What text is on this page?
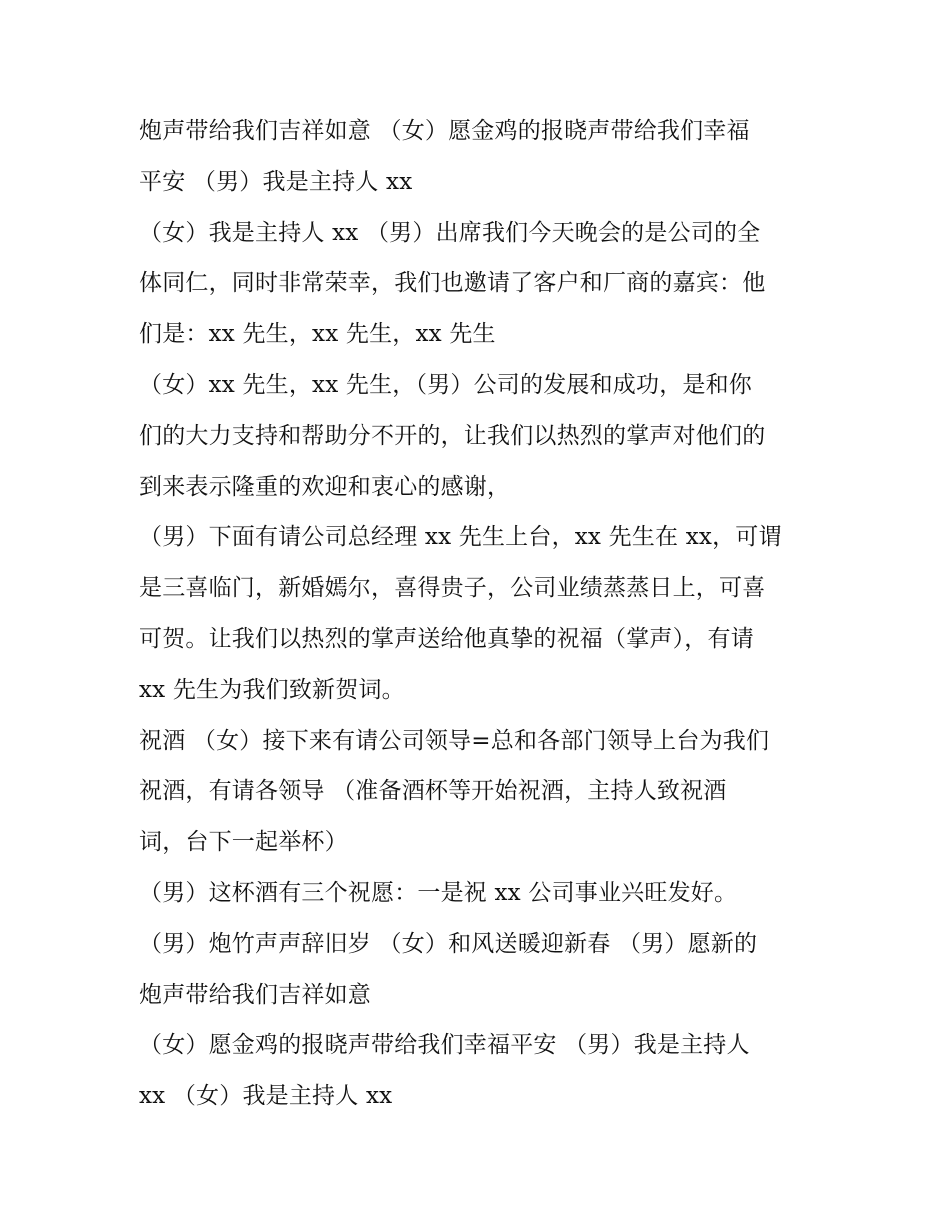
炮声带给我们吉祥如意 （女）愿金鸡的报晓声带给我们幸福
平安 （男）我是主持人 xx
（女）我是主持人 xx （男）出席我们今天晚会的是公司的全
体同仁，同时非常荣幸，我们也邀请了客户和厂商的嘉宾：他
们是：xx 先生，xx 先生，xx 先生
（女）xx 先生，xx 先生，（男）公司的发展和成功，是和你
们的大力支持和帮助分不开的，让我们以热烈的掌声对他们的
到来表示隆重的欢迎和衷心的感谢，
（男）下面有请公司总经理 xx 先生上台，xx 先生在 xx，可谓
是三喜临门，新婚嫣尔，喜得贵子，公司业绩蒸蒸日上，可喜
可贺。让我们以热烈的掌声送给他真挚的祝福（掌声），有请
xx 先生为我们致新贺词。
祝酒 （女）接下来有请公司领导=总和各部门领导上台为我们
祝酒，有请各领导 （准备酒杯等开始祝酒，主持人致祝酒
词，台下一起举杯）
（男）这杯酒有三个祝愿：一是祝 xx 公司事业兴旺发好。
（男）炮竹声声辞旧岁 （女）和风送暖迎新春 （男）愿新的
炮声带给我们吉祥如意
（女）愿金鸡的报晓声带给我们幸福平安 （男）我是主持人
xx （女）我是主持人 xx
